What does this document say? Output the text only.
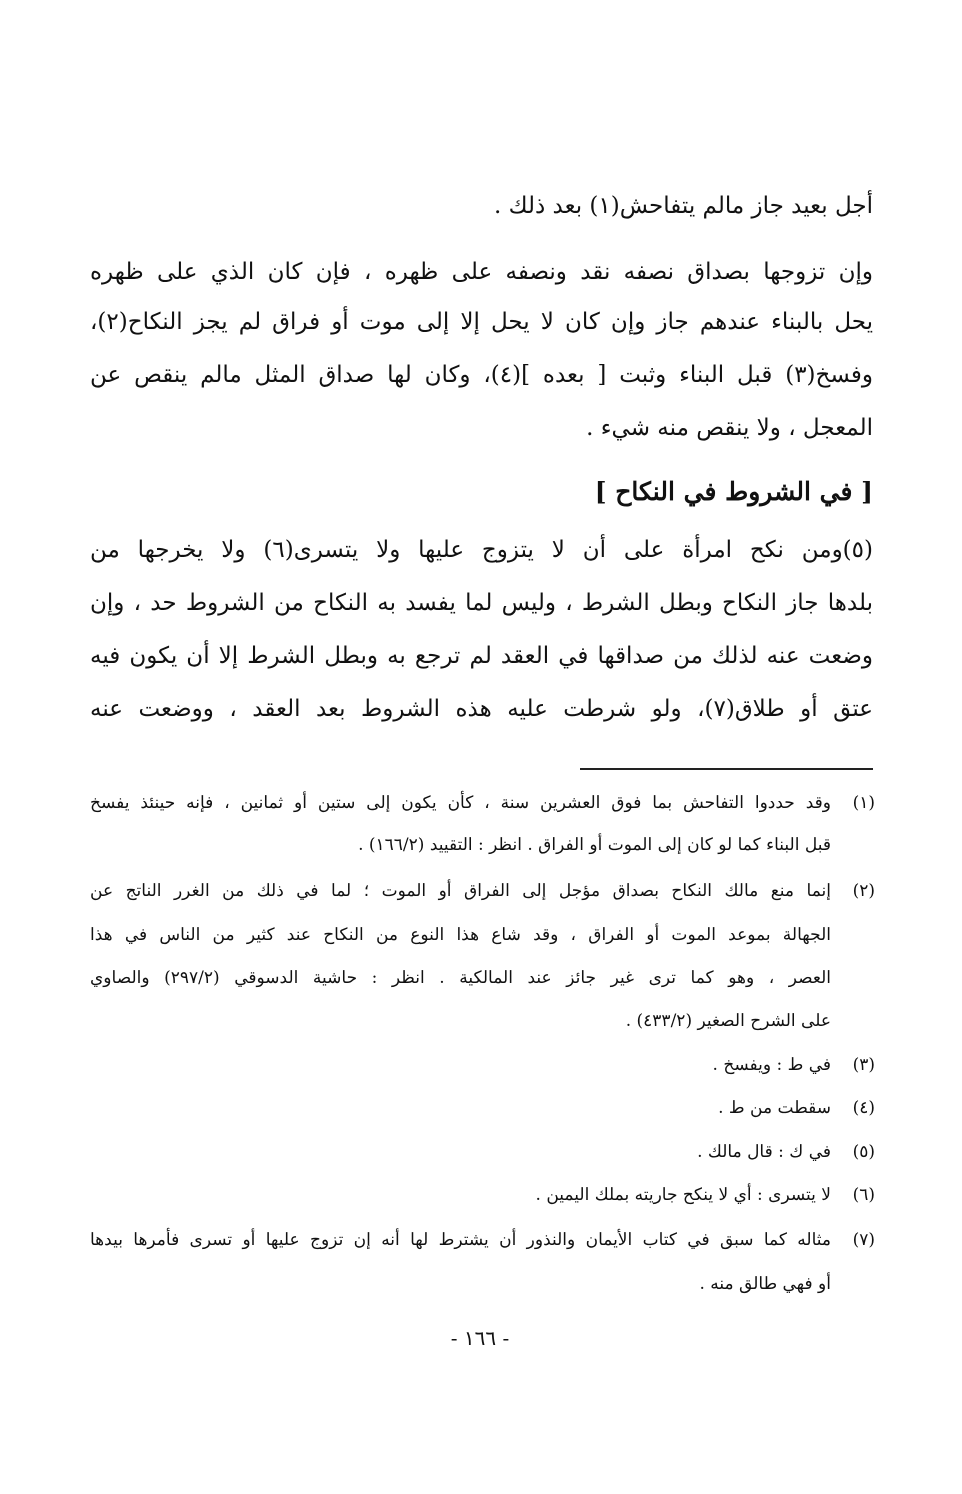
أجل بعيد جاز مالم يتفاحش(١) بعد ذلك .
وإن تزوجها بصداق نصفه نقد ونصفه على ظهره ، فإن كان الذي على ظهره
يحل بالبناء عندهم جاز وإن كان لا يحل إلا إلى موت أو فراق لم يجز النكاح(٢)،
وفسخ(٣) قبل البناء وثبت [ بعده ](٤)، وكان لها صداق المثل مالم ينقص عن
المعجل ، ولا ينقص منه شيء .
[ في الشروط في النكاح ]
(٥)ومن نكح امرأة على أن لا يتزوج عليها ولا يتسرى(٦) ولا يخرجها من
بلدها جاز النكاح وبطل الشرط ، وليس لما يفسد به النكاح من الشروط حد ، وإن
وضعت عنه لذلك من صداقها في العقد لم ترجع به وبطل الشرط إلا أن يكون فيه
عتق أو طلاق(٧)، ولو شرطت عليه هذه الشروط بعد العقد ، ووضعت عنه
(١)وقد حددوا التفاحش بما فوق العشرين سنة ، كأن يكون إلى ستين أو ثمانين ، فإنه حينئذ يفسخ
قبل البناء كما لو كان إلى الموت أو الفراق . انظر : التقييد (١٦٦/٢) .
(٢)إنما منع مالك النكاح بصداق مؤجل إلى الفراق أو الموت ؛ لما في ذلك من الغرر الناتج عن
الجهالة بموعد الموت أو الفراق ، وقد شاع هذا النوع من النكاح عند كثير من الناس في هذا
العصر ، وهو كما ترى غير جائز عند المالكية . انظر : حاشية الدسوقي (٢٩٧/٢) والصاوي
على الشرح الصغير (٤٣٣/٢) .
(٣)في ط : ويفسخ .
(٤)سقطت من ط .
(٥)في ك : قال مالك .
(٦)لا يتسرى : أي لا ينكح جاريته بملك اليمين .
(٧)مثاله كما سبق في كتاب الأيمان والنذور أن يشترط لها أنه إن تزوج عليها أو تسرى فأمرها بيدها
أو فهي طالق منه .
- ١٦٦ -
